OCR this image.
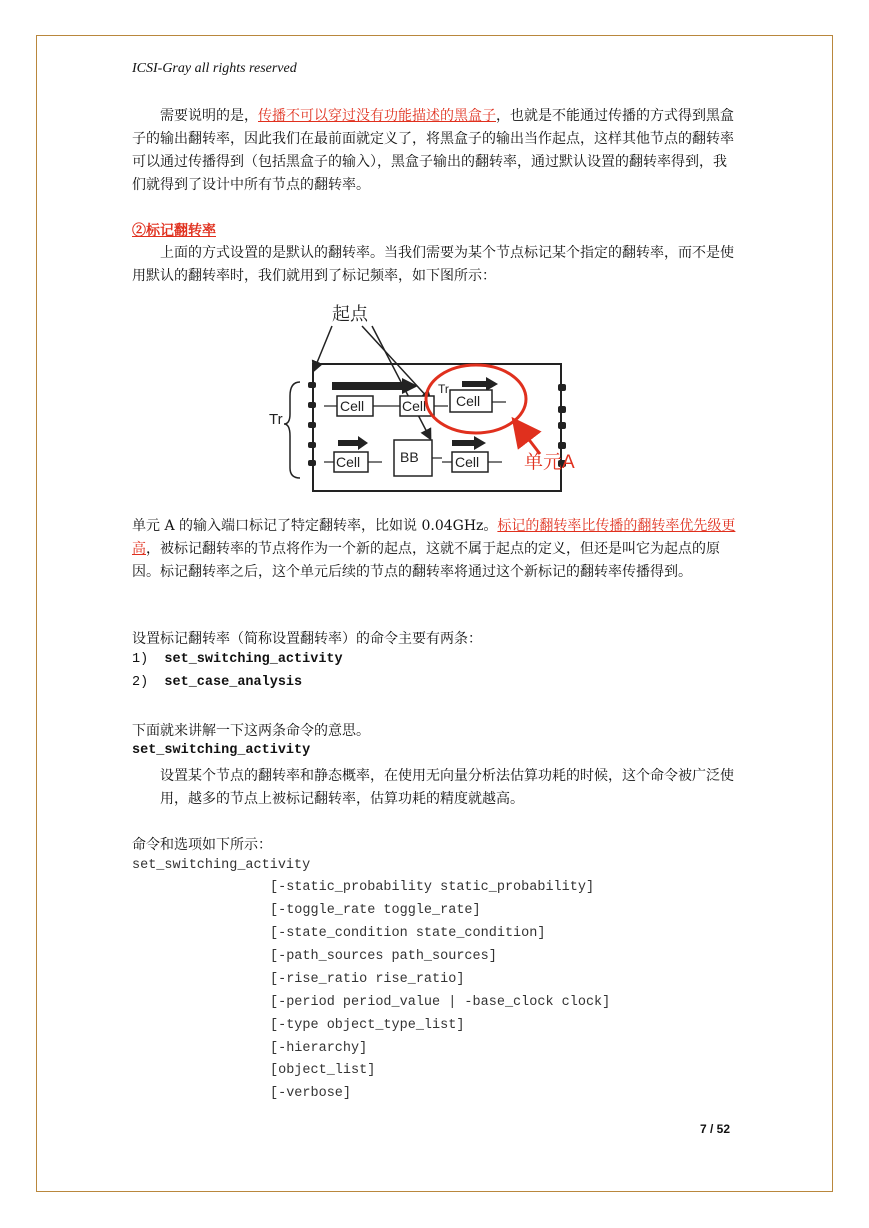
ICSI-Gray all rights reserved
需要说明的是，传播不可以穿过没有功能描述的黑盒子，也就是不能通过传播的方式得到黑盒子的输出翻转率，因此我们在最前面就定义了，将黑盒子的输出当作起点，这样其他节点的翻转率可以通过传播得到（包括黑盒子的输入），黑盒子输出的翻转率，通过默认设置的翻转率得到，我们就得到了设计中所有节点的翻转率。
②标记翻转率
上面的方式设置的是默认的翻转率。当我们需要为某个节点标记某个指定的翻转率，而不是使用默认的翻转率时，我们就用到了标记频率，如下图所示：
起点
Tr
Cell	Cell
Tr
Cell
Cell	BB	Cell 单元A
单元 A 的输入端口标记了特定翻转率，比如说 0.04GHz。标记的翻转率比传播的翻转率优先级更高，被标记翻转率的节点将作为一个新的起点，这就不属于起点的定义，但还是叫它为起点的原因。标记翻转率之后，这个单元后续的节点的翻转率将通过这个新标记的翻转率传播得到。
设置标记翻转率（简称设置翻转率）的命令主要有两条：
1) set_switching_activity
2) set_case_analysis
下面就来讲解一下这两条命令的意思。
set_switching_activity
设置某个节点的翻转率和静态概率，在使用无向量分析法估算功耗的时候，这个命令被广泛使用，越多的节点上被标记翻转率，估算功耗的精度就越高。
命令和选项如下所示：
set_switching_activity
[-static_probability static_probability]
[-toggle_rate toggle_rate]
[-state_condition state_condition]
[-path_sources path_sources]
[-rise_ratio rise_ratio]
[-period period_value | -base_clock clock]
[-type object_type_list]
[-hierarchy]
[object_list]
[-verbose]
7 / 52
